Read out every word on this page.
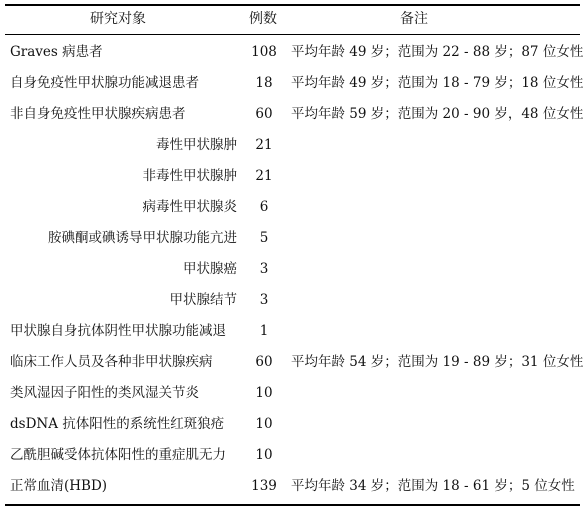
研究对象	例数	备注
Graves 病患者	108	平均年龄 49 岁；范围为 22 - 88 岁；87 位女性
自身免疫性甲状腺功能减退患者	18	平均年龄 49 岁；范围为 18 - 79 岁；18 位女性
非自身免疫性甲状腺疾病患者	60	平均年龄 59 岁；范围为 20 - 90 岁，48 位女性
毒性甲状腺肿	21
非毒性甲状腺肿	21
病毒性甲状腺炎	6
胺碘酮或碘诱导甲状腺功能亢进	5
甲状腺癌	3
甲状腺结节	3
甲状腺自身抗体阴性甲状腺功能减退	1
临床工作人员及各种非甲状腺疾病	60	平均年龄 54 岁；范围为 19 - 89 岁；31 位女性
类风湿因子阳性的类风湿关节炎	10
dsDNA 抗体阳性的系统性红斑狼疮	10
乙酰胆碱受体抗体阳性的重症肌无力	10
正常血清(HBD)	139	平均年龄 34 岁；范围为 18 - 61 岁；5 位女性
